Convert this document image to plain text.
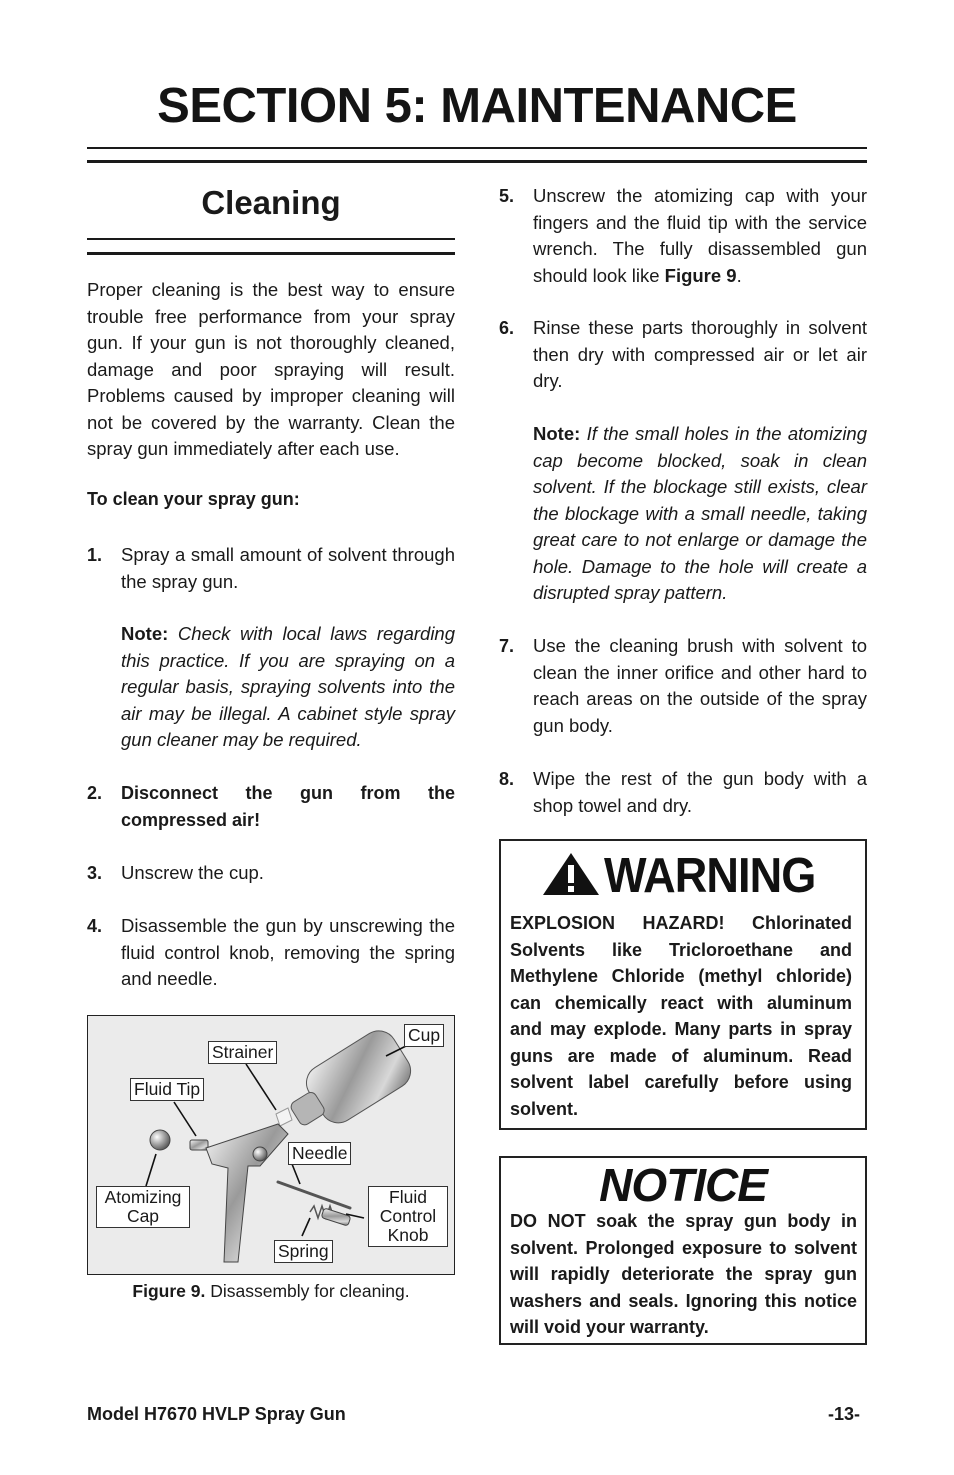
SECTION 5: MAINTENANCE
Cleaning
Proper cleaning is the best way to ensure trouble free performance from your spray gun. If your gun is not thoroughly cleaned, damage and poor spraying will result. Problems caused by improper cleaning will not be covered by the warranty. Clean the spray gun immediately after each use.
To clean your spray gun:
1. Spray a small amount of solvent through the spray gun.
Note: Check with local laws regarding this practice. If you are spraying on a regular basis, spraying solvents into the air may be illegal. A cabinet style spray gun cleaner may be required.
2. Disconnect the gun from the compressed air!
3. Unscrew the cup.
4. Disassemble the gun by unscrewing the fluid control knob, removing the spring and needle.
Cup
Strainer
Fluid Tip
Needle
Atomizing Cap
Fluid Control Knob
Spring
Figure 9. Disassembly for cleaning.
5. Unscrew the atomizing cap with your fingers and the fluid tip with the service wrench. The fully disassembled gun should look like Figure 9.
6. Rinse these parts thoroughly in solvent then dry with compressed air or let air dry.
Note: If the small holes in the atomizing cap become blocked, soak in clean solvent. If the blockage still exists, clear the blockage with a small needle, taking great care to not enlarge or damage the hole. Damage to the hole will create a disrupted spray pattern.
7. Use the cleaning brush with solvent to clean the inner orifice and other hard to reach areas on the outside of the spray gun body.
8. Wipe the rest of the gun body with a shop towel and dry.
WARNING
EXPLOSION HAZARD! Chlorinated Solvents like Tricloroethane and Methylene Chloride (methyl chloride) can chemically react with aluminum and may explode. Many parts in spray guns are made of aluminum. Read solvent label carefully before using solvent.
NOTICE
DO NOT soak the spray gun body in solvent. Prolonged exposure to solvent will rapidly deteriorate the spray gun washers and seals. Ignoring this notice will void your warranty.
Model H7670 HVLP Spray Gun	-13-
